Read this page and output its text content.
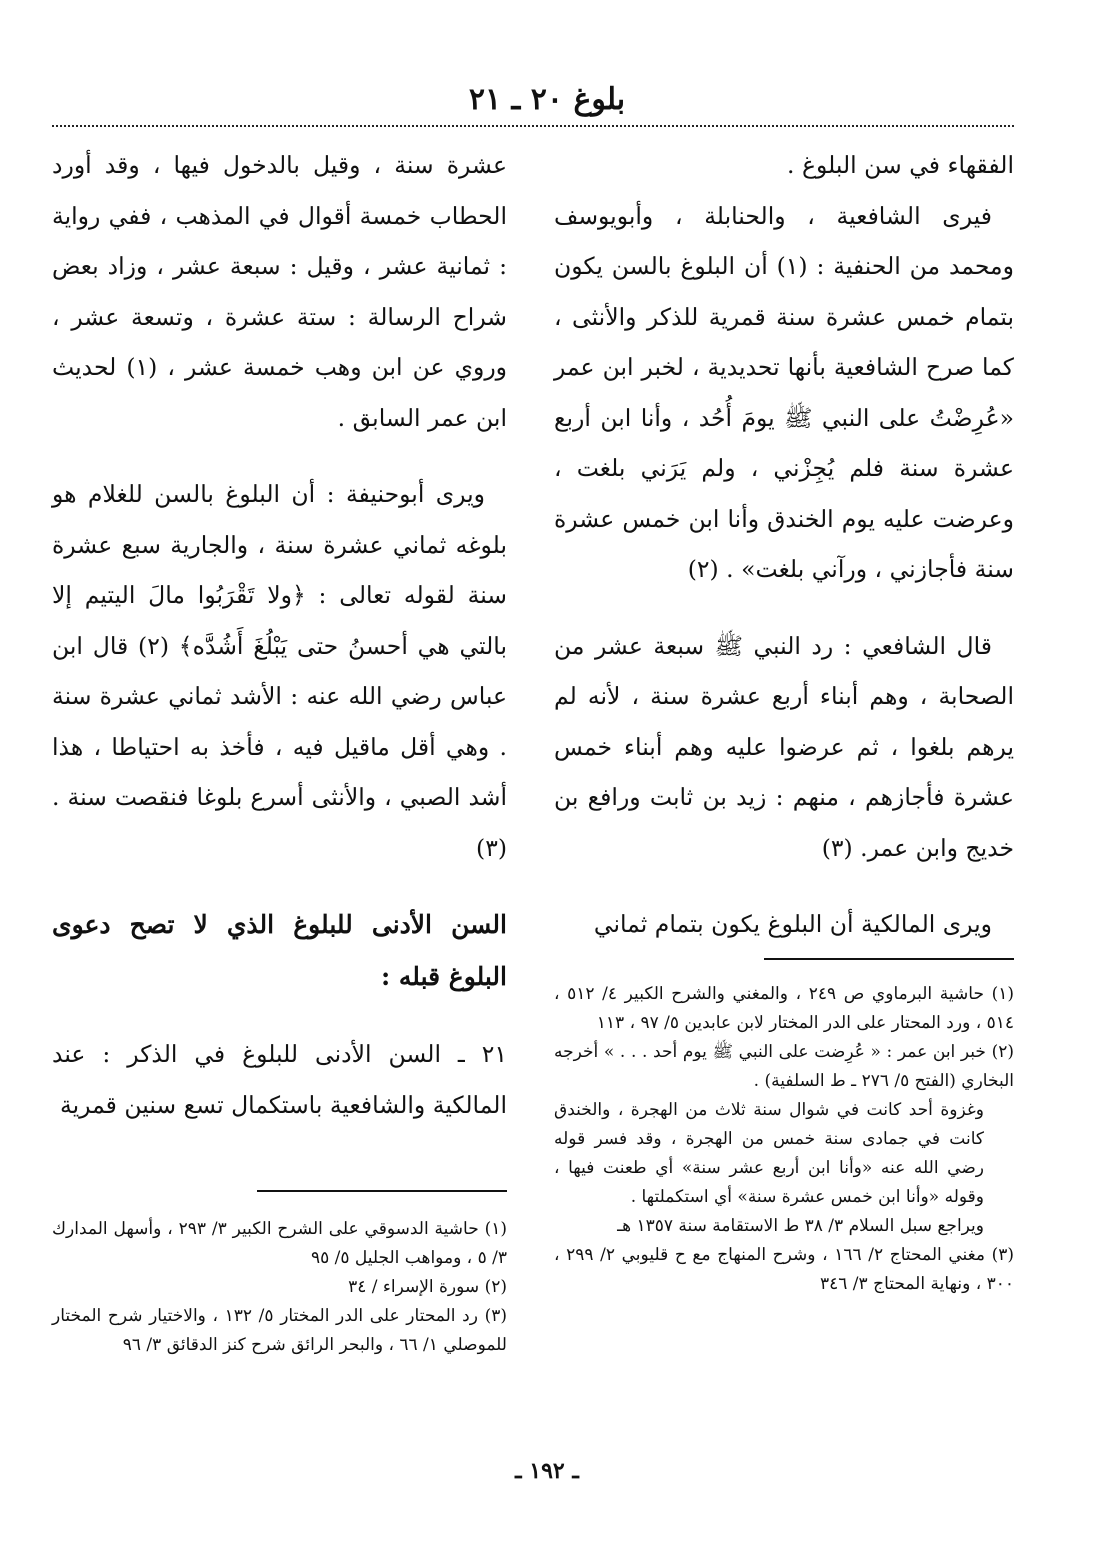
بلوغ ٢٠ ـ ٢١

الفقهاء في سن البلوغ .

فيرى الشافعية ، والحنابلة ، وأبويوسف ومحمد من الحنفية : (١) أن البلوغ بالسن يكون بتمام خمس عشرة سنة قمرية للذكر والأنثى ، كما صرح الشافعية بأنها تحديدية ، لخبر ابن عمر «عُرِضْتُ على النبي ﷺ يومَ أُحُد ، وأنا ابن أربع عشرة سنة فلم يُجِزْني ، ولم يَرَني بلغت ، وعرضت عليه يوم الخندق وأنا ابن خمس عشرة سنة فأجازني ، ورآني بلغت» . (٢)

قال الشافعي : رد النبي ﷺ سبعة عشر من الصحابة ، وهم أبناء أربع عشرة سنة ، لأنه لم يرهم بلغوا ، ثم عرضوا عليه وهم أبناء خمس عشرة فأجازهم ، منهم : زيد بن ثابت ورافع بن خديج وابن عمر. (٣)

ويرى المالكية أن البلوغ يكون بتمام ثماني

عشرة سنة ، وقيل بالدخول فيها ، وقد أورد الحطاب خمسة أقوال في المذهب ، ففي رواية : ثمانية عشر ، وقيل : سبعة عشر ، وزاد بعض شراح الرسالة : ستة عشرة ، وتسعة عشر ، وروي عن ابن وهب خمسة عشر ، (١) لحديث ابن عمر السابق .

ويرى أبوحنيفة : أن البلوغ بالسن للغلام هو بلوغه ثماني عشرة سنة ، والجارية سبع عشرة سنة لقوله تعالى : ﴿ولا تَقْرَبُوا مالَ اليتيم إلا بالتي هي أحسنُ حتى يَبْلُغَ أَشُدَّه﴾ (٢) قال ابن عباس رضي الله عنه : الأشد ثماني عشرة سنة . وهي أقل ماقيل فيه ، فأخذ به احتياطا ، هذا أشد الصبي ، والأنثى أسرع بلوغا فنقصت سنة . (٣)

السن الأدنى للبلوغ الذي لا تصح دعوى البلوغ قبله :

٢١ ـ السن الأدنى للبلوغ في الذكر : عند المالكية والشافعية باستكمال تسع سنين قمرية

(١) حاشية البرماوي ص ٢٤٩ ، والمغني والشرح الكبير ٤/ ٥١٢ ، ٥١٤ ، ورد المحتار على الدر المختار لابن عابدين ٥/ ٩٧ ، ١١٣

(٢) خبر ابن عمر : « عُرِضت على النبي ﷺ يوم أحد . . . » أخرجه البخاري (الفتح ٥/ ٢٧٦ ـ ط السلفية) .

وغزوة أحد كانت في شوال سنة ثلاث من الهجرة ، والخندق كانت في جمادى سنة خمس من الهجرة ، وقد فسر قوله رضي الله عنه «وأنا ابن أربع عشر سنة» أي طعنت فيها ، وقوله «وأنا ابن خمس عشرة سنة» أي استكملتها .

ويراجع سبل السلام ٣/ ٣٨ ط الاستقامة سنة ١٣٥٧ هـ

(٣) مغني المحتاج ٢/ ١٦٦ ، وشرح المنهاج مع ح قليوبي ٢/ ٢٩٩ ، ٣٠٠ ، ونهاية المحتاج ٣/ ٣٤٦

(١) حاشية الدسوقي على الشرح الكبير ٣/ ٢٩٣ ، وأسهل المدارك ٣/ ٥ ، ومواهب الجليل ٥/ ٩٥

(٢) سورة الإسراء / ٣٤

(٣) رد المحتار على الدر المختار ٥/ ١٣٢ ، والاختيار شرح المختار للموصلي ١/ ٦٦ ، والبحر الرائق شرح كنز الدقائق ٣/ ٩٦

ـ ١٩٢ ـ
